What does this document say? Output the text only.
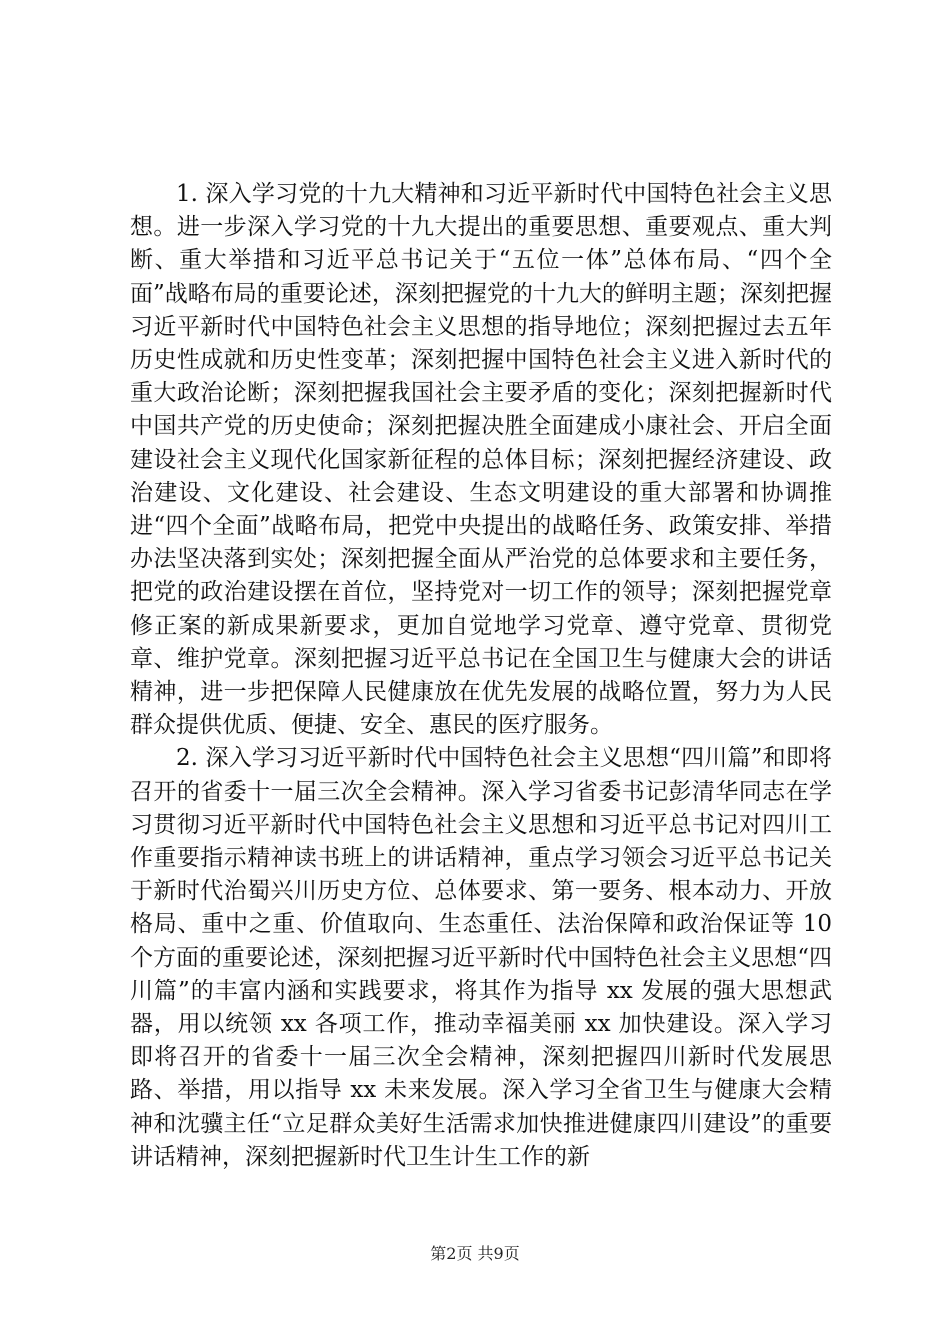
1. 深入学习党的十九大精神和习近平新时代中国特色社会主义思想。进一步深入学习党的十九大提出的重要思想、重要观点、重大判断、重大举措和习近平总书记关于“五位一体”总体布局、“四个全面”战略布局的重要论述，深刻把握党的十九大的鲜明主题；深刻把握习近平新时代中国特色社会主义思想的指导地位；深刻把握过去五年历史性成就和历史性变革；深刻把握中国特色社会主义进入新时代的重大政治论断；深刻把握我国社会主要矛盾的变化；深刻把握新时代中国共产党的历史使命；深刻把握决胜全面建成小康社会、开启全面建设社会主义现代化国家新征程的总体目标；深刻把握经济建设、政治建设、文化建设、社会建设、生态文明建设的重大部署和协调推进“四个全面”战略布局，把党中央提出的战略任务、政策安排、举措办法坚决落到实处；深刻把握全面从严治党的总体要求和主要任务，把党的政治建设摆在首位，坚持党对一切工作的领导；深刻把握党章修正案的新成果新要求，更加自觉地学习党章、遵守党章、贯彻党章、维护党章。深刻把握习近平总书记在全国卫生与健康大会的讲话精神，进一步把保障人民健康放在优先发展的战略位置，努力为人民群众提供优质、便捷、安全、惠民的医疗服务。

2. 深入学习习近平新时代中国特色社会主义思想“四川篇”和即将召开的省委十一届三次全会精神。深入学习省委书记彭清华同志在学习贯彻习近平新时代中国特色社会主义思想和习近平总书记对四川工作重要指示精神读书班上的讲话精神，重点学习领会习近平总书记关于新时代治蜀兴川历史方位、总体要求、第一要务、根本动力、开放格局、重中之重、价值取向、生态重任、法治保障和政治保证等 10 个方面的重要论述，深刻把握习近平新时代中国特色社会主义思想“四川篇”的丰富内涵和实践要求，将其作为指导 xx 发展的强大思想武器，用以统领 xx 各项工作，推动幸福美丽 xx 加快建设。深入学习即将召开的省委十一届三次全会精神，深刻把握四川新时代发展思路、举措，用以指导 xx 未来发展。深入学习全省卫生与健康大会精神和沈骥主任“立足群众美好生活需求加快推进健康四川建设”的重要讲话精神，深刻把握新时代卫生计生工作的新

第2页 共9页
